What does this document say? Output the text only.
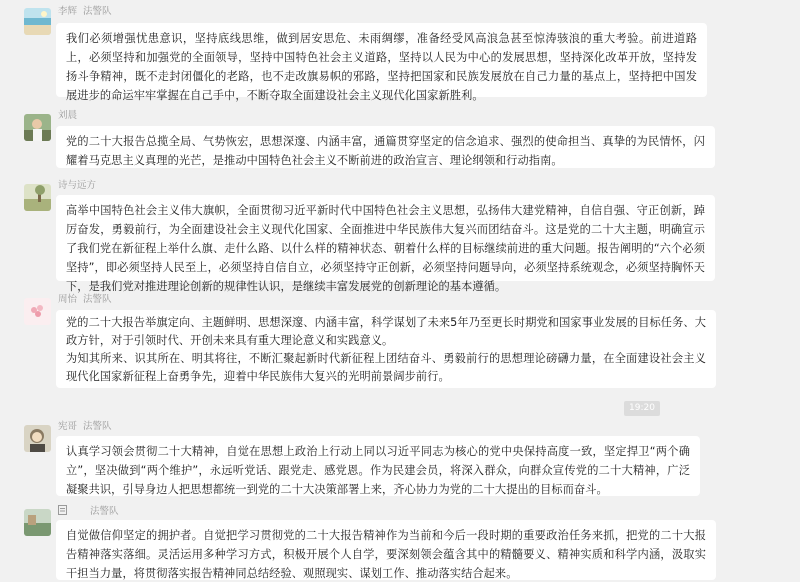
李辉 法警队

我们必须增强忧患意识，坚持底线思维，做到居安思危、未雨绸缪，准备经受风高浪急甚至惊涛骇浪的重大考验。前进道路上，必须坚持和加强党的全面领导，坚持中国特色社会主义道路，坚持以人民为中心的发展思想，坚持深化改革开放，坚持发扬斗争精神，既不走封闭僵化的老路，也不走改旗易帜的邪路，坚持把国家和民族发展放在自己力量的基点上，坚持把中国发展进步的命运牢牢掌握在自己手中，不断夺取全面建设社会主义现代化国家新胜利。

刘晨

党的二十大报告总揽全局、气势恢宏，思想深邃、内涵丰富，通篇贯穿坚定的信念追求、强烈的使命担当、真挚的为民情怀，闪耀着马克思主义真理的光芒，是推动中国特色社会主义不断前进的政治宣言、理论纲领和行动指南。

诗与远方

高举中国特色社会主义伟大旗帜，全面贯彻习近平新时代中国特色社会主义思想，弘扬伟大建党精神，自信自强、守正创新，踔厉奋发，勇毅前行，为全面建设社会主义现代化国家、全面推进中华民族伟大复兴而团结奋斗。这是党的二十大主题，明确宣示了我们党在新征程上举什么旗、走什么路、以什么样的精神状态、朝着什么样的目标继续前进的重大问题。报告阐明的“六个必须坚持”，即必须坚持人民至上，必须坚持自信自立，必须坚持守正创新，必须坚持问题导向，必须坚持系统观念，必须坚持胸怀天下，是我们党对推进理论创新的规律性认识，是继续丰富发展党的创新理论的基本遵循。

周怡 法警队

党的二十大报告举旗定向、主题鲜明、思想深邃、内涵丰富，科学谋划了未来5年乃至更长时期党和国家事业发展的目标任务、大政方针，对于引领时代、开创未来具有重大理论意义和实践意义。

为知其所来、识其所在、明其将往，不断汇聚起新时代新征程上团结奋斗、勇毅前行的思想理论磅礴力量，在全面建设社会主义现代化国家新征程上奋勇争先，迎着中华民族伟大复兴的光明前景阔步前行。

19:20
宪哥 法警队

认真学习领会贯彻二十大精神，自觉在思想上政治上行动上同以习近平同志为核心的党中央保持高度一致，坚定捍卫“两个确立”，坚决做到“两个维护”，永远听党话、跟党走、感党恩。作为民建会员，将深入群众，向群众宣传党的二十大精神，广泛凝聚共识，引导身边人把思想都统一到党的二十大决策部署上来，齐心协力为党的二十大提出的目标而奋斗。

法警队

自觉做信仰坚定的拥护者。自觉把学习贯彻党的二十大报告精神作为当前和今后一段时期的重要政治任务来抓，把党的二十大报告精神落实落细。灵活运用多种学习方式，积极开展个人自学，要深刻领会蕴含其中的精髓要义、精神实质和科学内涵，汲取实干担当力量，将贯彻落实报告精神同总结经验、观照现实、谋划工作、推动落实结合起来。
